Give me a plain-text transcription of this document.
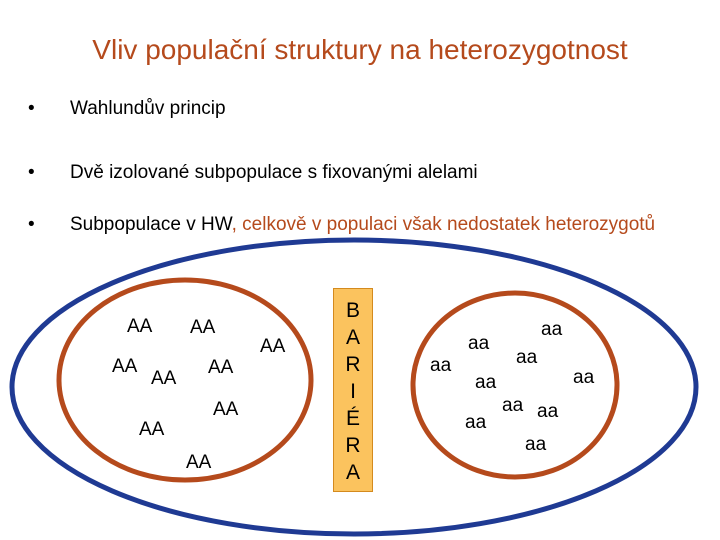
Vliv populační struktury na heterozygotnost
• Wahlundův princip
• Dvě izolované subpopulace s fixovanými alelami
• Subpopulace v HW, celkově v populaci však nedostatek heterozygotů
AA AA
AA
AA	AA
AA
AA
AA
AA
B
A
R
I
É
R
A
aa
aa
aa
aa
aa
aa
aa aa
aa
aa
